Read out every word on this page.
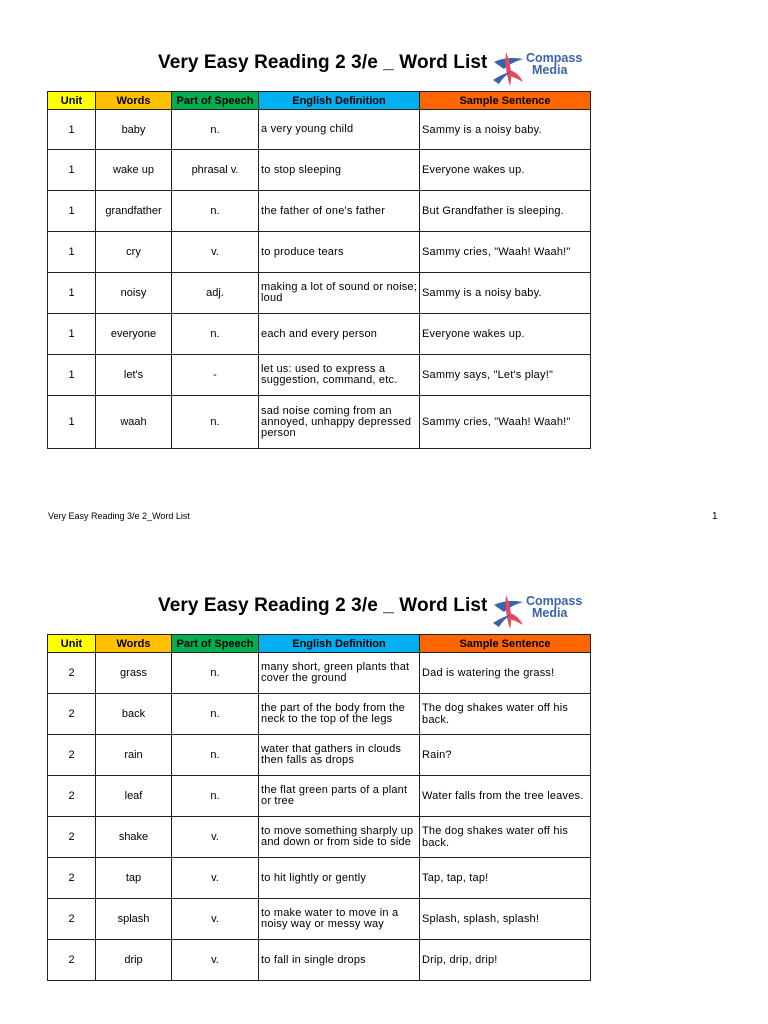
Very Easy Reading 2 3/e _ Word List	Compass
Media
Unit	Words	Part of Speech	English Definition	Sample Sentence
1	baby	n.	a very young child	Sammy is a noisy baby.
1	wake up	phrasal v.	to stop sleeping	Everyone wakes up.
1	grandfather	n.	the father of one's father	But Grandfather is sleeping.
1	cry	v.	to produce tears	Sammy cries, "Waah! Waah!"
1	noisy	adj.	making a lot of sound or noise; loud	Sammy is a noisy baby.
1	everyone	n.	each and every person	Everyone wakes up.
1	let's	-	let us: used to express a suggestion, command, etc.	Sammy says, "Let's play!"
1	waah	n.	sad noise coming from an annoyed, unhappy depressed person	Sammy cries, "Waah! Waah!"
Very Easy Reading 3/e 2_Word List	1
Very Easy Reading 2 3/e _ Word List	Compass
Media
Unit	Words	Part of Speech	English Definition	Sample Sentence
2	grass	n.	many short, green plants that cover the ground	Dad is watering the grass!
2	back	n.	the part of the body from the neck to the top of the legs	The dog shakes water off his back.
2	rain	n.	water that gathers in clouds then falls as drops	Rain?
2	leaf	n.	the flat green parts of a plant or tree	Water falls from the tree leaves.
2	shake	v.	to move something sharply up and down or from side to side	The dog shakes water off his back.
2	tap	v.	to hit lightly or gently	Tap, tap, tap!
2	splash	v.	to make water to move in a noisy way or messy way	Splash, splash, splash!
2	drip	v.	to fall in single drops	Drip, drip, drip!
